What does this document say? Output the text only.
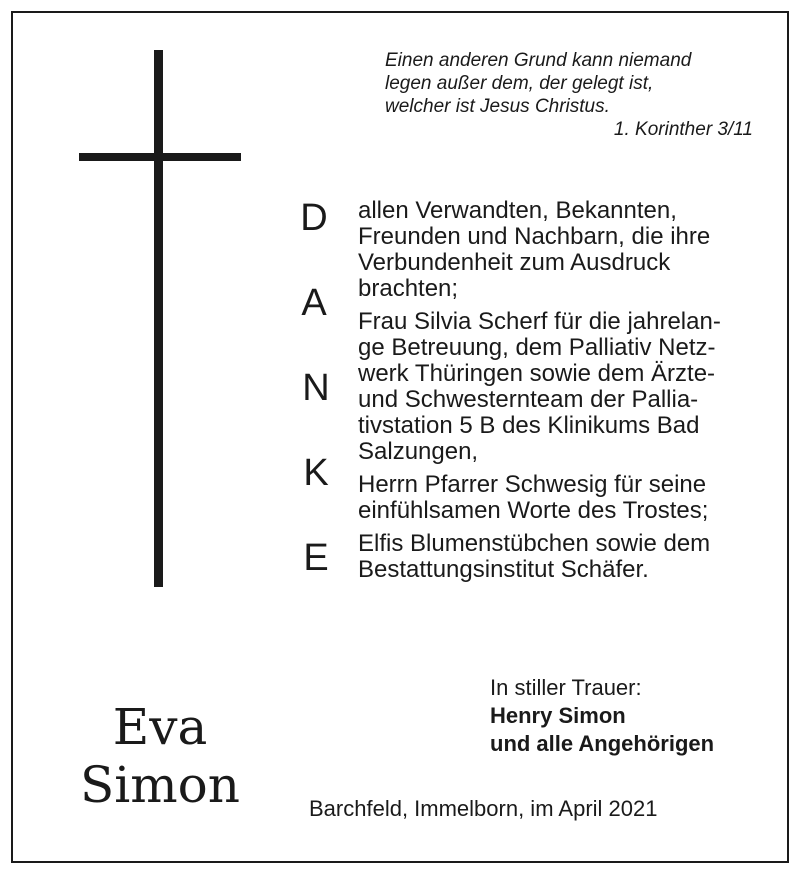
Einen anderen Grund kann niemand
legen außer dem, der gelegt ist,
welcher ist Jesus Christus.
1. Korinther 3/11
D
A
N
K
E

allen Verwandten, Bekannten,
Freunden und Nachbarn, die ihre
Verbundenheit zum Ausdruck
brachten;

Frau Silvia Scherf für die jahrelan-
ge Betreuung, dem Palliativ Netz-
werk Thüringen sowie dem Ärzte-
und Schwesternteam der Pallia-
tivstation 5 B des Klinikums Bad
Salzungen,

Herrn Pfarrer Schwesig für seine
einfühlsamen Worte des Trostes;

Elfis Blumenstübchen sowie dem
Bestattungsinstitut Schäfer.

In stiller Trauer:
Henry Simon
und alle Angehörigen
Eva
Simon	Barchfeld, Immelborn, im April 2021
